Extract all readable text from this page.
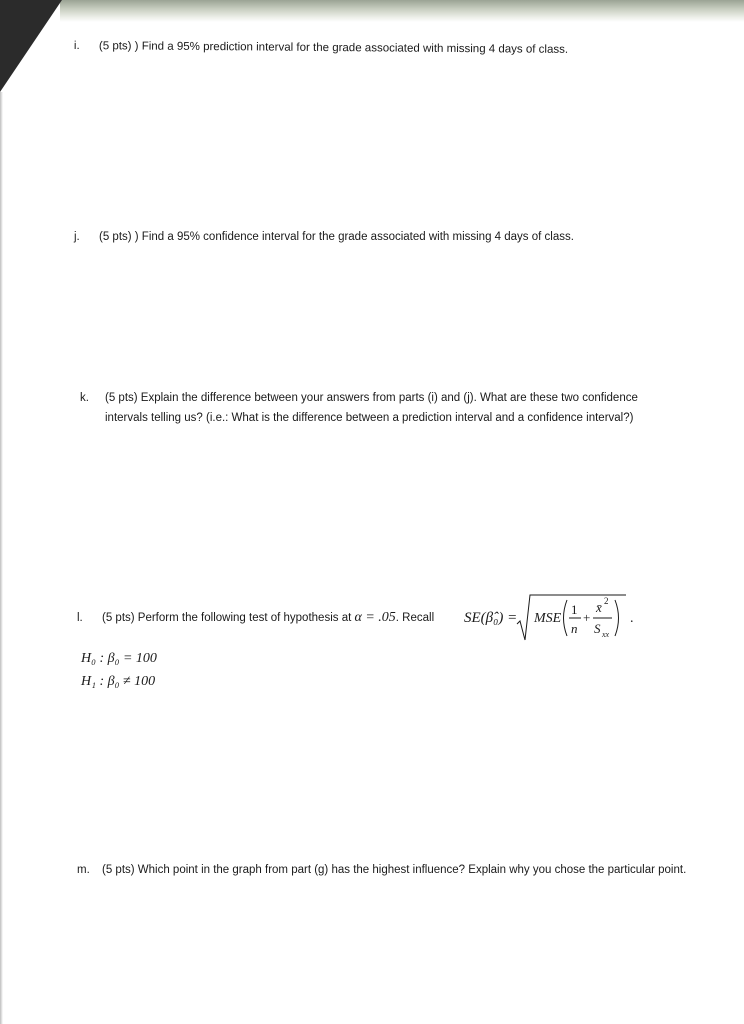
i. (5 pts) ) Find a 95% prediction interval for the grade associated with missing 4 days of class.
j. (5 pts) ) Find a 95% confidence interval for the grade associated with missing 4 days of class.
k. (5 pts) Explain the difference between your answers from parts (i) and (j). What are these two confidence
intervals telling us? (i.e.: What is the difference between a prediction interval and a confidence interval?)
l. (5 pts) Perform the following test of hypothesis at α = .05. Recall SE(β̂₀) = MSE
1
n
+
x̄ 2
S xx
.
H₀ : β₀ = 100
H₁ : β₀ ≠ 100
m. (5 pts) Which point in the graph from part (g) has the highest influence? Explain why you chose the particular point.
